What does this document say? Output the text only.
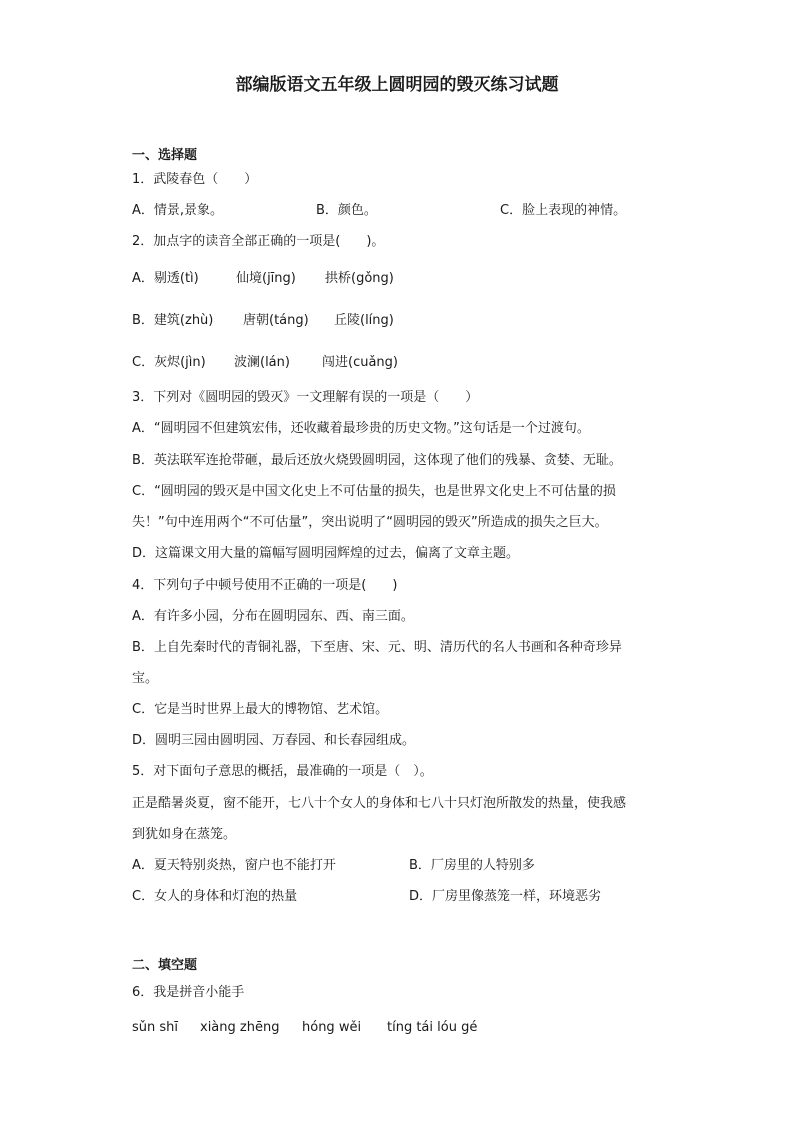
部编版语文五年级上圆明园的毁灭练习试题
一、选择题
1．武陵春色（　　）
A．情景,景象。	B．颜色。	C．脸上表现的神情。
2．加点字的读音全部正确的一项是(　　)。
A．剔透(tì)	仙境(jīng) 拱桥(gǒng)
B．建筑(zhù) 唐朝(táng) 丘陵(líng)
C．灰烬(jìn) 波澜(lán) 闯进(cuǎng)
3．下列对《圆明园的毁灭》一文理解有误的一项是（　　）
A．“圆明园不但建筑宏伟，还收藏着最珍贵的历史文物。”这句话是一个过渡句。
B．英法联军连抢带砸，最后还放火烧毁圆明园，这体现了他们的残暴、贪婪、无耻。
C．“圆明园的毁灭是中国文化史上不可估量的损失，也是世界文化史上不可估量的损
失！”句中连用两个“不可估量”，突出说明了“圆明园的毁灭”所造成的损失之巨大。
D．这篇课文用大量的篇幅写圆明园辉煌的过去，偏离了文章主题。
4．下列句子中顿号使用不正确的一项是(　　)
A．有许多小园，分布在圆明园东、西、南三面。
B．上自先秦时代的青铜礼器，下至唐、宋、元、明、清历代的名人书画和各种奇珍异
宝。
C．它是当时世界上最大的博物馆、艺术馆。
D．圆明三园由圆明园、万春园、和长春园组成。
5．对下面句子意思的概括，最准确的一项是（　）。
正是酷暑炎夏，窗不能开，七八十个女人的身体和七八十只灯泡所散发的热量，使我感
到犹如身在蒸笼。
A．夏天特别炎热，窗户也不能打开	B．厂房里的人特别多
C．女人的身体和灯泡的热量	D．厂房里像蒸笼一样，环境恶劣
二、填空题
6．我是拼音小能手
sǔn shī xiàng zhēng hóng wěi tíng tái lóu gé
